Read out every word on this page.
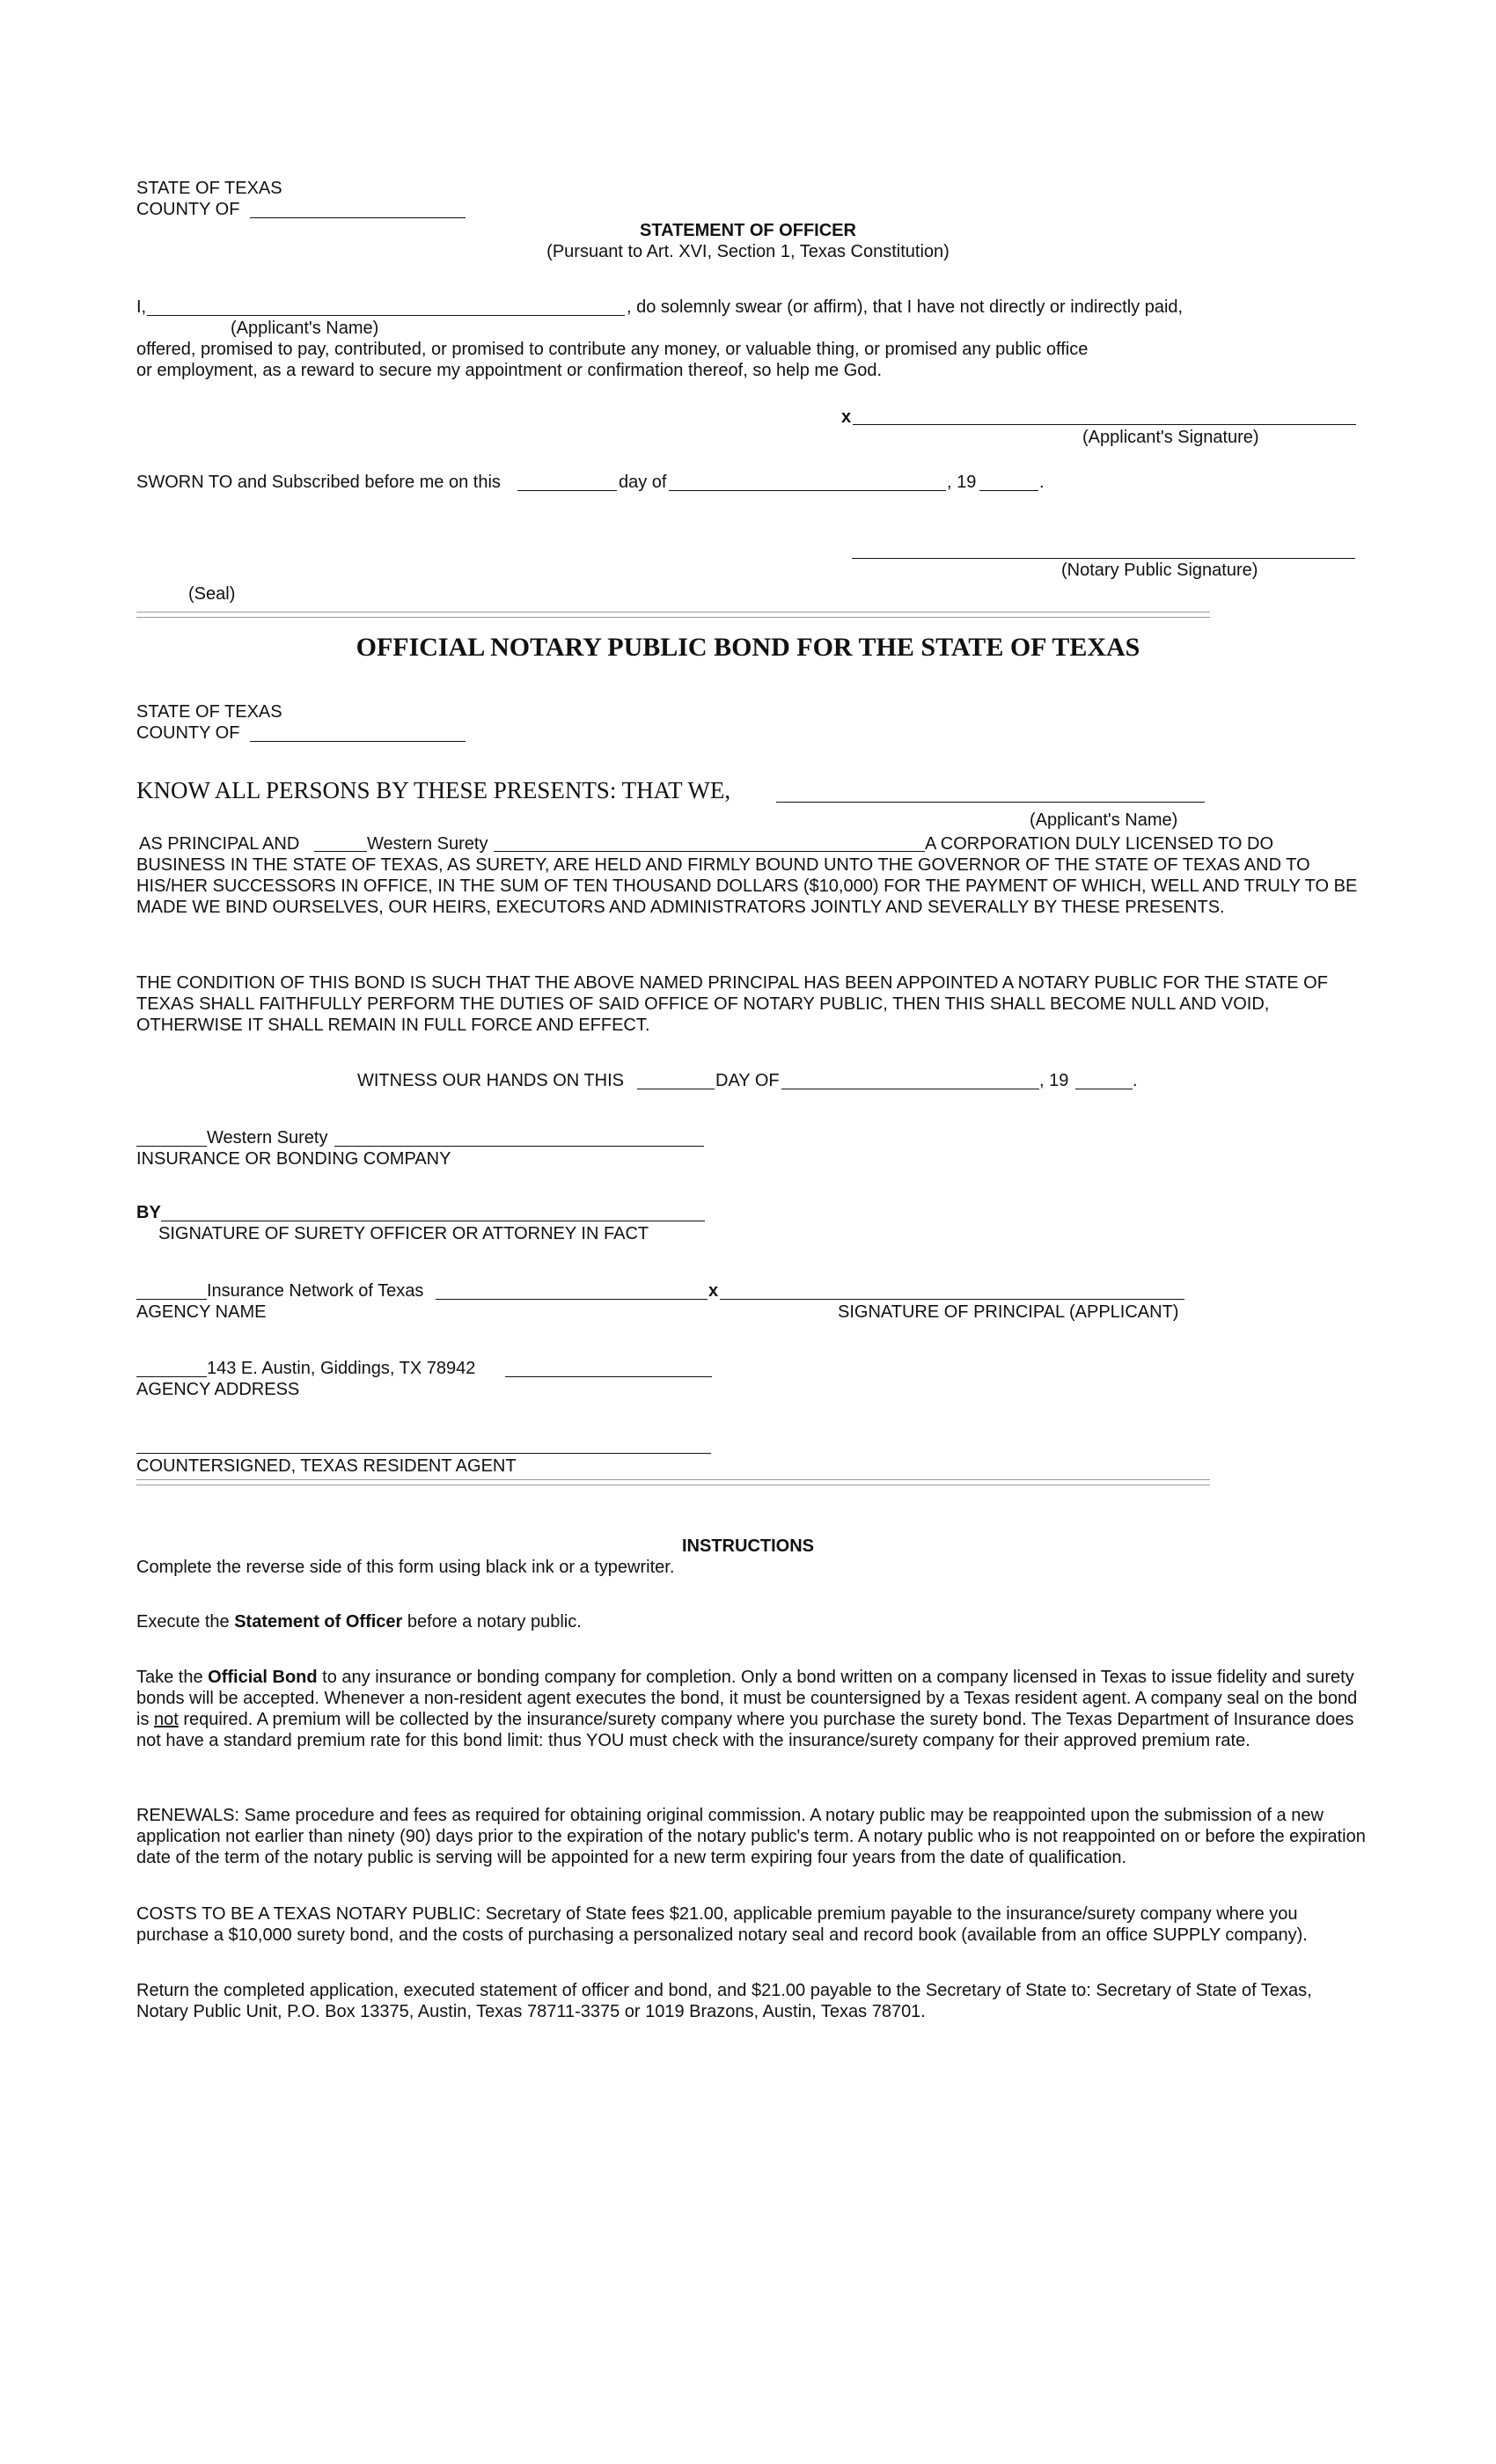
STATE OF TEXAS
COUNTY OF
STATEMENT OF OFFICER
(Pursuant to Art. XVI, Section 1, Texas Constitution)
I,	, do solemnly swear (or affirm), that I have not directly or indirectly paid,
(Applicant's Name)
offered, promised to pay, contributed, or promised to contribute any money, or valuable thing, or promised any public office
or employment, as a reward to secure my appointment or confirmation thereof, so help me God.
x
(Applicant's Signature)
SWORN TO and Subscribed before me on this	day of	, 19	.
(Notary Public Signature)
(Seal)
OFFICIAL NOTARY PUBLIC BOND FOR THE STATE OF TEXAS
STATE OF TEXAS
COUNTY OF
KNOW ALL PERSONS BY THESE PRESENTS: THAT WE,
(Applicant's Name)
AS PRINCIPAL AND	Western Surety	A CORPORATION DULY LICENSED TO DO
BUSINESS IN THE STATE OF TEXAS, AS SURETY, ARE HELD AND FIRMLY BOUND UNTO THE GOVERNOR OF THE STATE OF TEXAS AND TO HIS/HER SUCCESSORS IN OFFICE, IN THE SUM OF TEN THOUSAND DOLLARS ($10,000) FOR THE PAYMENT OF WHICH, WELL AND TRULY TO BE MADE WE BIND OURSELVES, OUR HEIRS, EXECUTORS AND ADMINISTRATORS JOINTLY AND SEVERALLY BY THESE PRESENTS.
THE CONDITION OF THIS BOND IS SUCH THAT THE ABOVE NAMED PRINCIPAL HAS BEEN APPOINTED A NOTARY PUBLIC FOR THE STATE OF TEXAS SHALL FAITHFULLY PERFORM THE DUTIES OF SAID OFFICE OF NOTARY PUBLIC, THEN THIS SHALL BECOME NULL AND VOID, OTHERWISE IT SHALL REMAIN IN FULL FORCE AND EFFECT.
WITNESS OUR HANDS ON THIS	DAY OF	, 19	.
Western Surety
INSURANCE OR BONDING COMPANY
BY
SIGNATURE OF SURETY OFFICER OR ATTORNEY IN FACT
Insurance Network of Texas	x
AGENCY NAME	SIGNATURE OF PRINCIPAL (APPLICANT)
143 E. Austin, Giddings, TX 78942
AGENCY ADDRESS
COUNTERSIGNED, TEXAS RESIDENT AGENT
INSTRUCTIONS
Complete the reverse side of this form using black ink or a typewriter.
Execute the Statement of Officer before a notary public.
Take the Official Bond to any insurance or bonding company for completion. Only a bond written on a company licensed in Texas to issue fidelity and surety bonds will be accepted. Whenever a non-resident agent executes the bond, it must be countersigned by a Texas resident agent. A company seal on the bond is not required. A premium will be collected by the insurance/surety company where you purchase the surety bond. The Texas Department of Insurance does not have a standard premium rate for this bond limit: thus YOU must check with the insurance/surety company for their approved premium rate.
RENEWALS: Same procedure and fees as required for obtaining original commission. A notary public may be reappointed upon the submission of a new application not earlier than ninety (90) days prior to the expiration of the notary public's term. A notary public who is not reappointed on or before the expiration date of the term of the notary public is serving will be appointed for a new term expiring four years from the date of qualification.
COSTS TO BE A TEXAS NOTARY PUBLIC: Secretary of State fees $21.00, applicable premium payable to the insurance/surety company where you purchase a $10,000 surety bond, and the costs of purchasing a personalized notary seal and record book (available from an office SUPPLY company).
Return the completed application, executed statement of officer and bond, and $21.00 payable to the Secretary of State to: Secretary of State of Texas, Notary Public Unit, P.O. Box 13375, Austin, Texas 78711-3375 or 1019 Brazons, Austin, Texas 78701.
